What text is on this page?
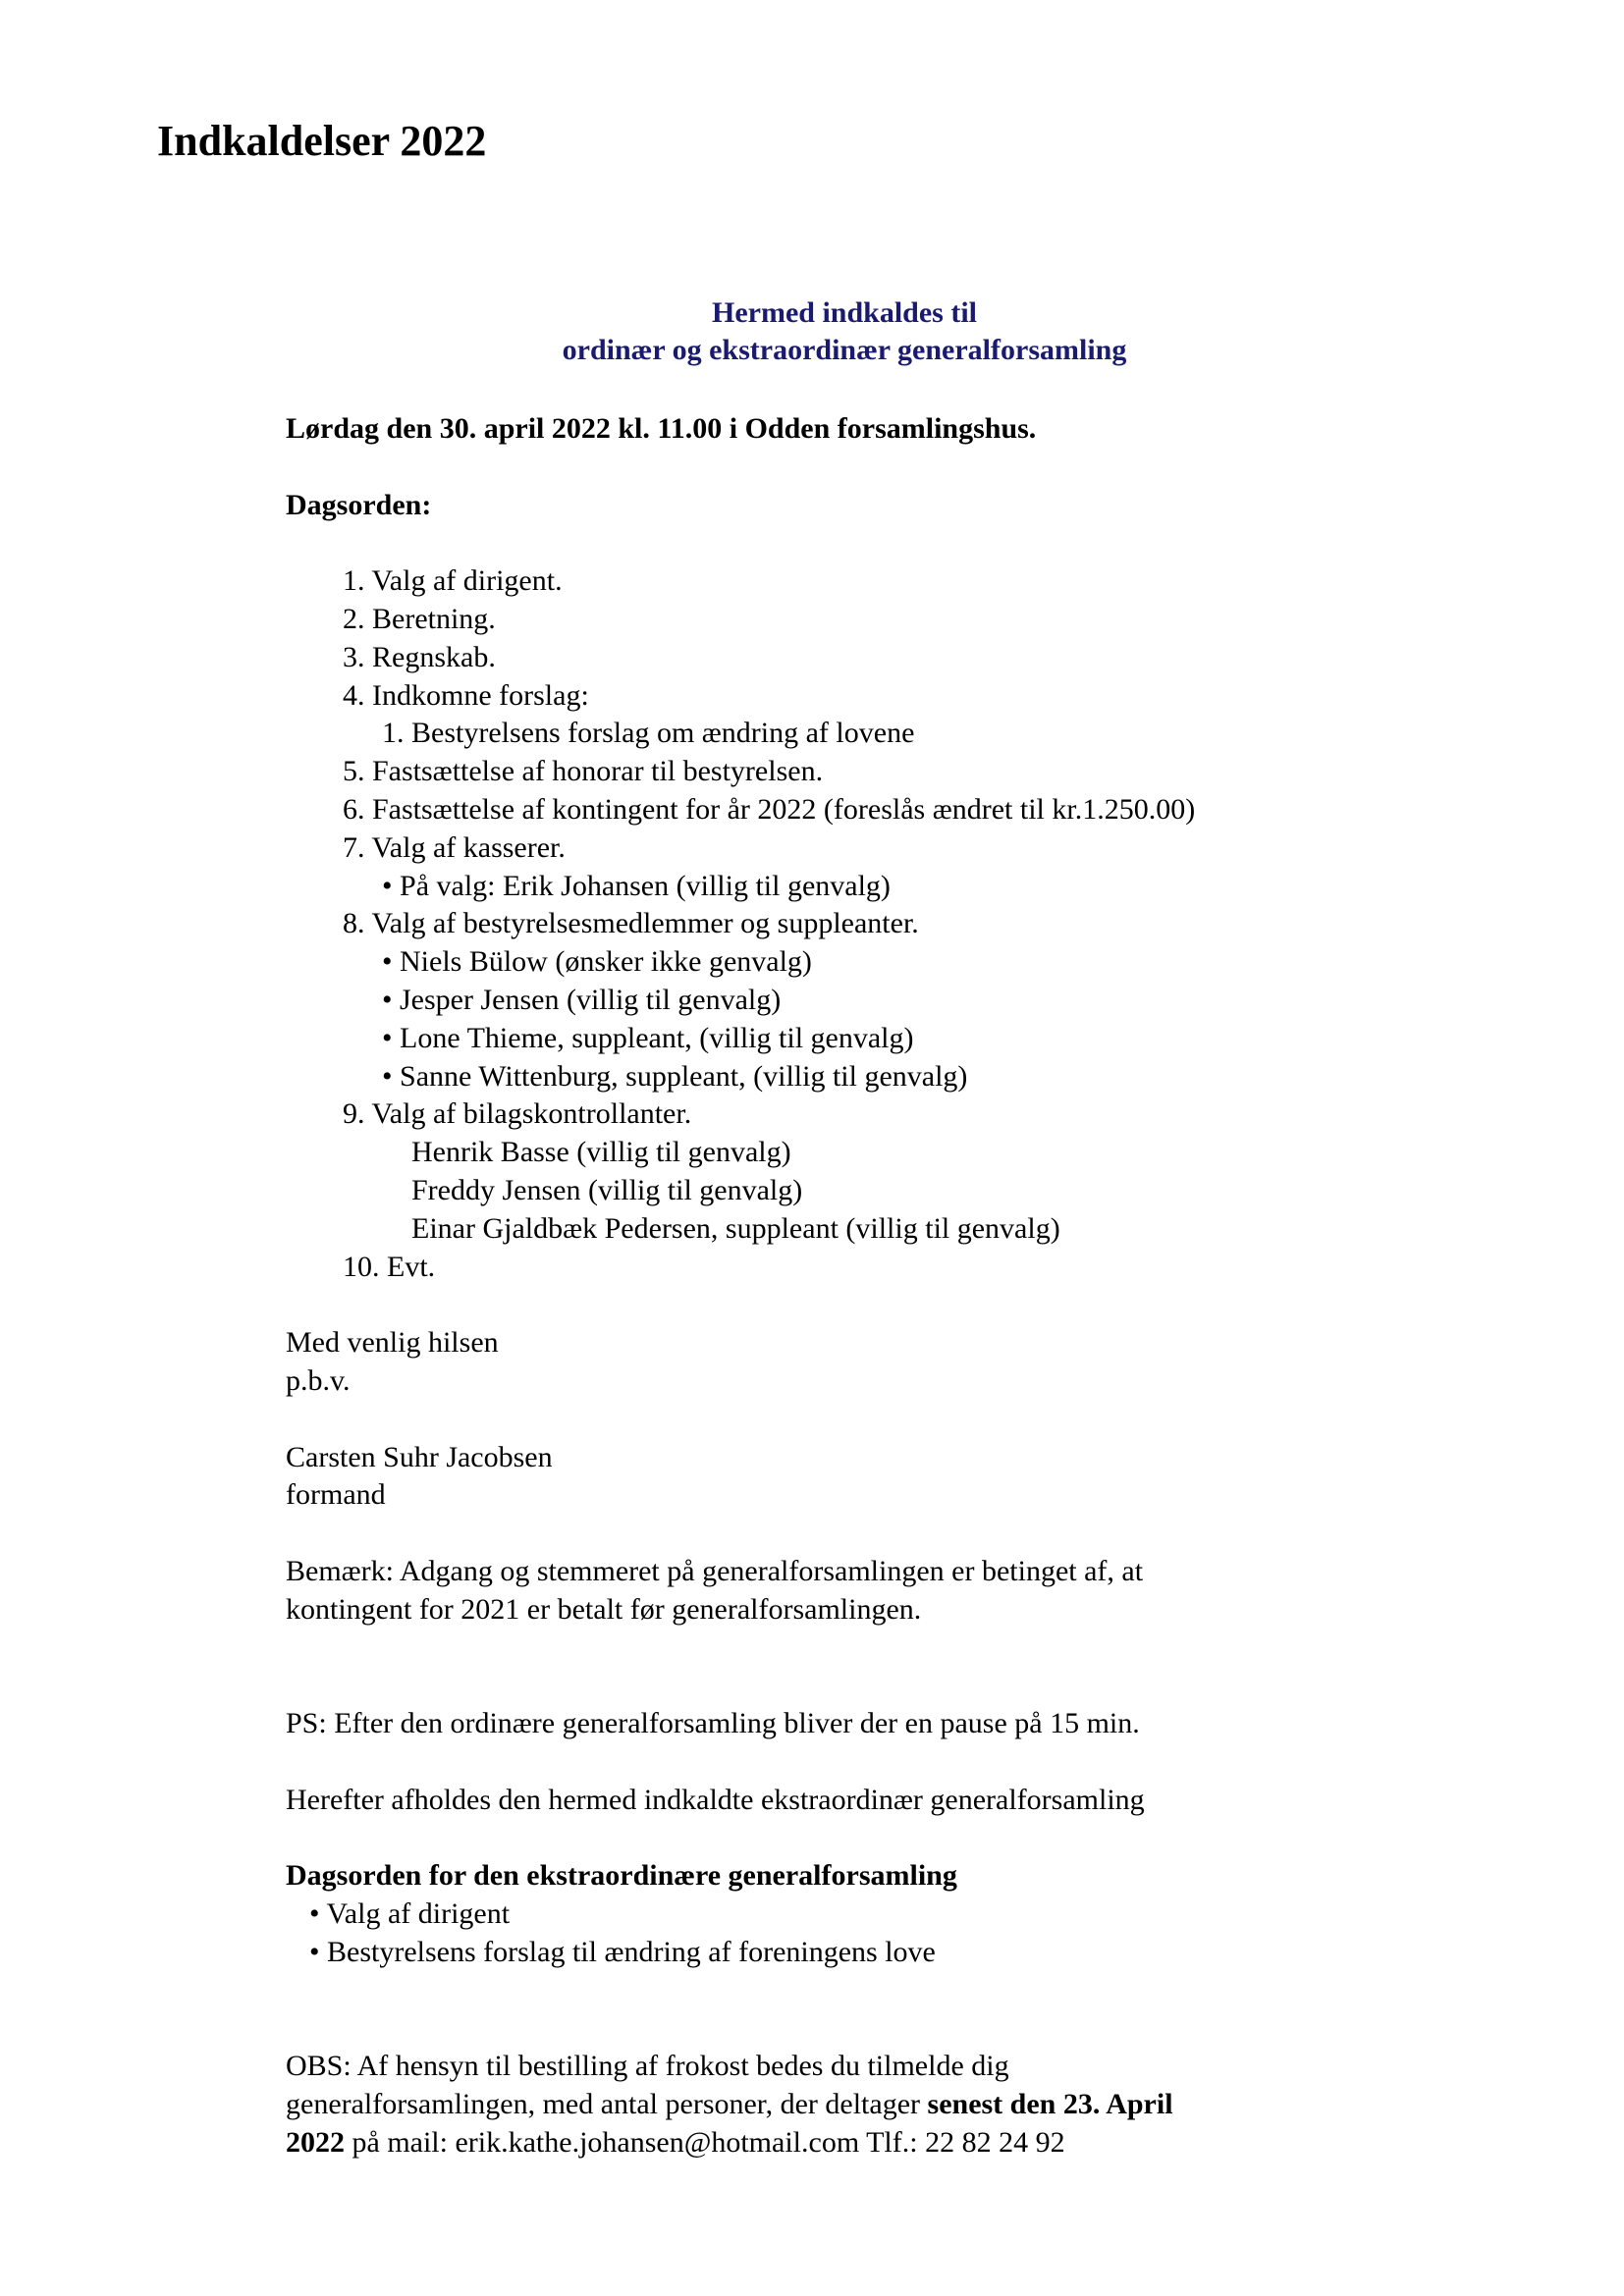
Indkaldelser 2022
Hermed indkaldes til
ordinær og ekstraordinær generalforsamling
Lørdag den 30. april 2022 kl. 11.00 i Odden forsamlingshus.
Dagsorden:
1. Valg af dirigent.
2. Beretning.
3. Regnskab.
4. Indkomne forslag:
1. Bestyrelsens forslag om ændring af lovene
5. Fastsættelse af honorar til bestyrelsen.
6. Fastsættelse af kontingent for år 2022 (foreslås ændret til kr.1.250.00)
7. Valg af kasserer.
• På valg: Erik Johansen (villig til genvalg)
8. Valg af bestyrelsesmedlemmer og suppleanter.
• Niels Bülow (ønsker ikke genvalg)
• Jesper Jensen (villig til genvalg)
• Lone Thieme, suppleant, (villig til genvalg)
• Sanne Wittenburg, suppleant, (villig til genvalg)
9. Valg af bilagskontrollanter.
Henrik Basse (villig til genvalg)
Freddy Jensen (villig til genvalg)
Einar Gjaldbæk Pedersen, suppleant (villig til genvalg)
10. Evt.
Med venlig hilsen
p.b.v.
Carsten Suhr Jacobsen
formand
Bemærk: Adgang og stemmeret på generalforsamlingen er betinget af, at
kontingent for 2021 er betalt før generalforsamlingen.
PS: Efter den ordinære generalforsamling bliver der en pause på 15 min.
Herefter afholdes den hermed indkaldte ekstraordinær generalforsamling
Dagsorden for den ekstraordinære generalforsamling
• Valg af dirigent
• Bestyrelsens forslag til ændring af foreningens love
OBS: Af hensyn til bestilling af frokost bedes du tilmelde dig
generalforsamlingen, med antal personer, der deltager senest den 23. April
2022 på mail: erik.kathe.johansen@hotmail.com Tlf.: 22 82 24 92
